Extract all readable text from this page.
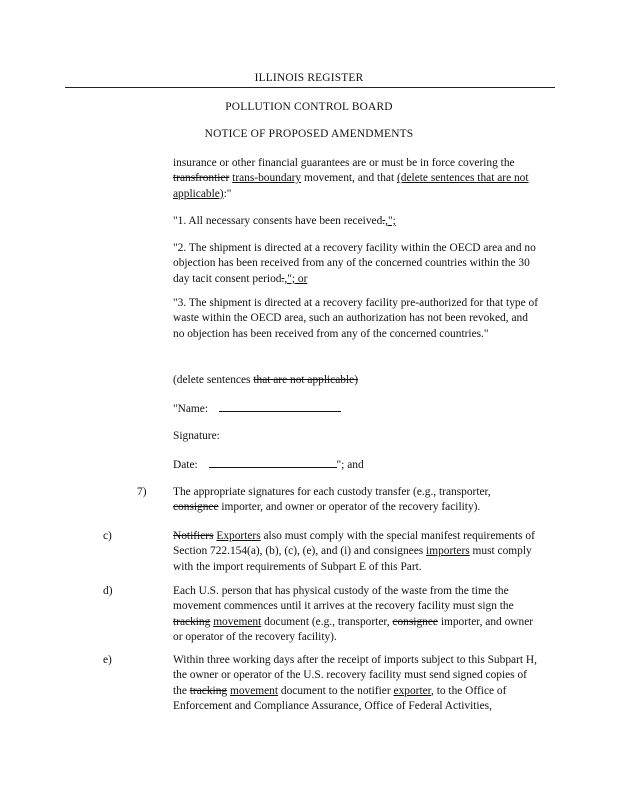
ILLINOIS REGISTER
POLLUTION CONTROL BOARD
NOTICE OF PROPOSED AMENDMENTS
insurance or other financial guarantees are or must be in force covering the transfrontier trans-boundary movement, and that (delete sentences that are not applicable):"
"1. All necessary consents have been received.,";
"2. The shipment is directed at a recovery facility within the OECD area and no objection has been received from any of the concerned countries within the 30 day tacit consent period.,"; or
"3. The shipment is directed at a recovery facility pre-authorized for that type of waste within the OECD area, such an authorization has not been revoked, and no objection has been received from any of the concerned countries."
(delete sentences that are not applicable)
"Name:
Signature:
Date:	"; and
7) The appropriate signatures for each custody transfer (e.g., transporter, consignee importer, and owner or operator of the recovery facility).
c)	Notifiers Exporters also must comply with the special manifest requirements of Section 722.154(a), (b), (c), (e), and (i) and consignees importers must comply with the import requirements of Subpart E of this Part.
d)	Each U.S. person that has physical custody of the waste from the time the movement commences until it arrives at the recovery facility must sign the tracking movement document (e.g., transporter, consignee importer, and owner or operator of the recovery facility).
e)	Within three working days after the receipt of imports subject to this Subpart H, the owner or operator of the U.S. recovery facility must send signed copies of the tracking movement document to the notifier exporter, to the Office of Enforcement and Compliance Assurance, Office of Federal Activities,
